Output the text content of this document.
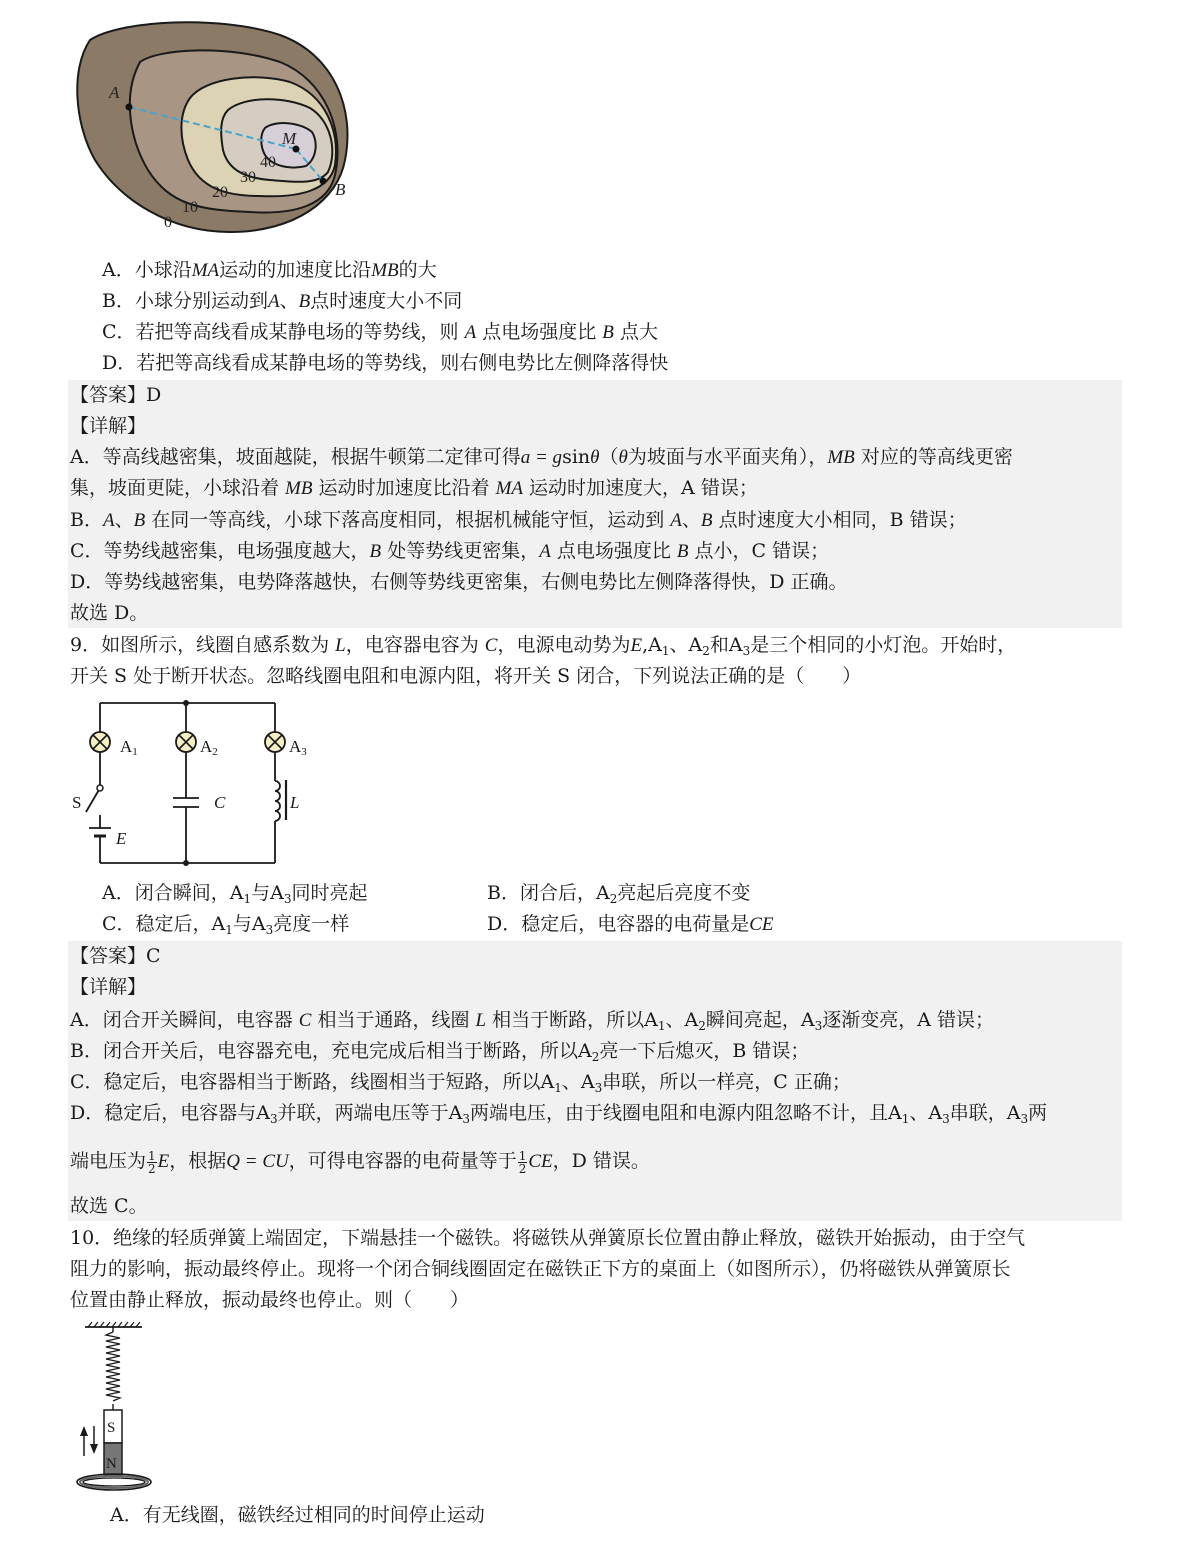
A
M
B
0
10
20
30
40
A．小球沿MA运动的加速度比沿MB的大
B．小球分别运动到A、B点时速度大小不同
C．若把等高线看成某静电场的等势线，则 A 点电场强度比 B 点大
D．若把等高线看成某静电场的等势线，则右侧电势比左侧降落得快
【答案】D
【详解】
A．等高线越密集，坡面越陡，根据牛顿第二定律可得a = gsinθ（θ为坡面与水平面夹角），MB 对应的等高线更密
集，坡面更陡，小球沿着 MB 运动时加速度比沿着 MA 运动时加速度大，A 错误；
B．A、B 在同一等高线，小球下落高度相同，根据机械能守恒，运动到 A、B 点时速度大小相同，B 错误；
C．等势线越密集，电场强度越大，B 处等势线更密集，A 点电场强度比 B 点小，C 错误；
D．等势线越密集，电势降落越快，右侧等势线更密集，右侧电势比左侧降落得快，D 正确。
故选 D。
9．如图所示，线圈自感系数为 L，电容器电容为 C，电源电动势为$E,A_1$、$A_2$和$A_3$是三个相同的小灯泡。开始时，
开关 S 处于断开状态。忽略线圈电阻和电源内阻，将开关 S 闭合，下列说法正确的是（　　）
A1	A2	A3
S	C	L
E
A．闭合瞬间，$A_1$与$A_3$同时亮起	B．闭合后，$A_2$亮起后亮度不变
C．稳定后，$A_1$与$A_3$亮度一样	D．稳定后，电容器的电荷量是CE
【答案】C
【详解】
A．闭合开关瞬间，电容器 C 相当于通路，线圈 L 相当于断路，所以$A_1$、$A_2$瞬间亮起，$A_3$逐渐变亮，A 错误；
B．闭合开关后，电容器充电，充电完成后相当于断路，所以$A_2$亮一下后熄灭，B 错误；
C．稳定后，电容器相当于断路，线圈相当于短路，所以$A_1$、$A_3$串联，所以一样亮，C 正确；
D．稳定后，电容器与$A_3$并联，两端电压等于$A_3$两端电压，由于线圈电阻和电源内阻忽略不计，且$A_1$、$A_3$串联，$A_3$两
端电压为 $\frac{1}{2}$ E，根据Q = CU，可得电容器的电荷量等于 $\frac{1}{2}$ CE，D 错误。
故选 C。
10．绝缘的轻质弹簧上端固定，下端悬挂一个磁铁。将磁铁从弹簧原长位置由静止释放，磁铁开始振动，由于空气
阻力的影响，振动最终停止。现将一个闭合铜线圈固定在磁铁正下方的桌面上（如图所示），仍将磁铁从弹簧原长
位置由静止释放，振动最终也停止。则（　　）
S
N
A．有无线圈，磁铁经过相同的时间停止运动
